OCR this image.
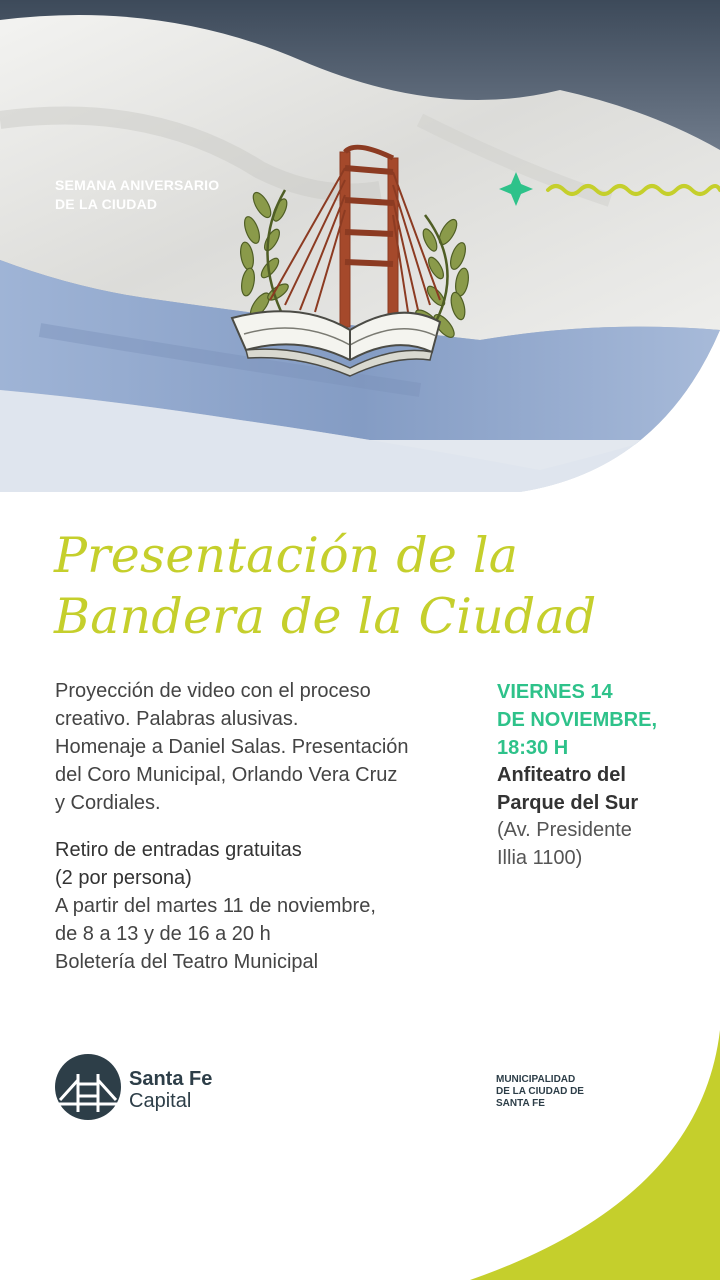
SEMANA ANIVERSARIO
DE LA CIUDAD
Presentación de la
Bandera de la Ciudad
Proyección de video con el proceso
creativo. Palabras alusivas.
Homenaje a Daniel Salas. Presentación
del Coro Municipal, Orlando Vera Cruz
y Cordiales.
Retiro de entradas gratuitas
(2 por persona)
A partir del martes 11 de noviembre,
de 8 a 13 y de 16 a 20 h
Boletería del Teatro Municipal
VIERNES 14
DE NOVIEMBRE,
18:30 H
Anfiteatro del
Parque del Sur
(Av. Presidente
Illia 1100)
Santa Fe
Capital
MUNICIPALIDAD
DE LA CIUDAD DE
SANTA FE
